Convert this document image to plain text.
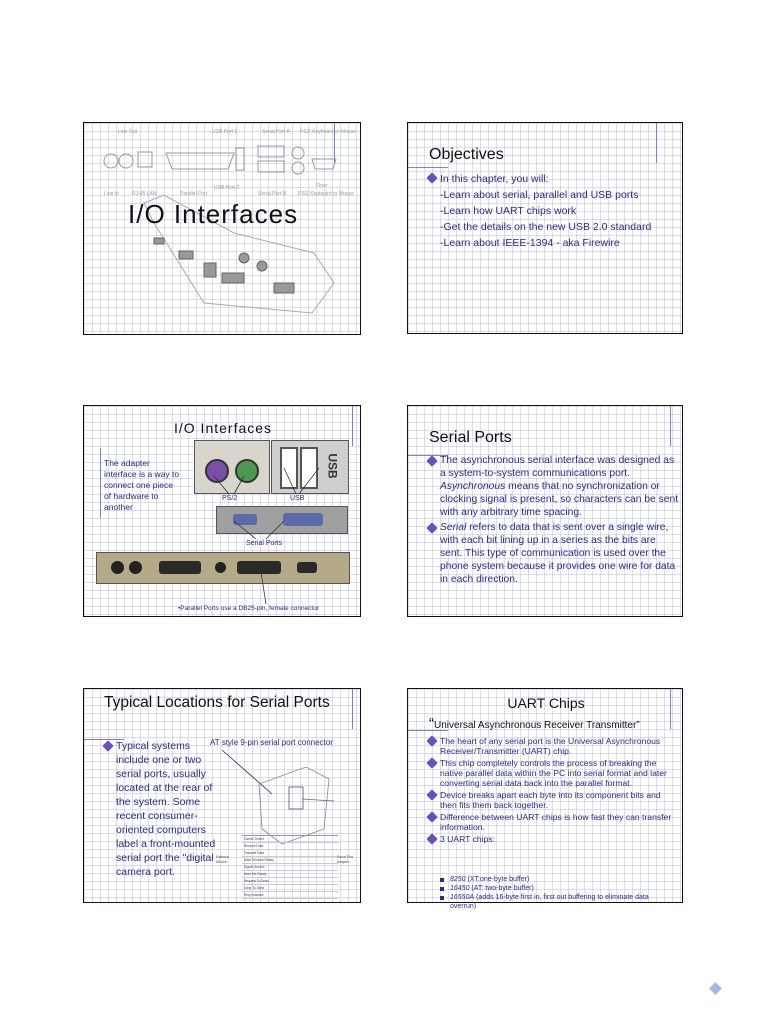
Line Out	USB Port 1	Serial Port A PS/2 Keyboard or Mouse
Line In	RJ-45 LAN	Parallel Port
USB Port 2
Serial Port B
Floor
PS/2 Keyboard or Mouse
I/O Interfaces
Objectives
In this chapter, you will:
-Learn about serial, parallel and USB ports
-Learn how UART chips work
-Get the details on the new USB 2.0 standard
-Learn about IEEE-1394 - aka Firewire
I/O Interfaces
The adapter interface is a way to connect one piece of hardware to another
USB
PS/2	USB
Serial Ports
•Parallel Ports use a DB25-pin, female connector
Serial Ports
The asynchronous serial interface was designed as a system-to-system communications port. Asynchronous means that no synchronization or clocking signal is present, so characters can be sent with any arbitrary time spacing.
Serial refers to data that is sent over a single wire, with each bit lining up in a series as the bits are sent. This type of communication is used over the phone system because it provides one wire for data in each direction.
Typical Locations for Serial Ports
Typical systems include one or two serial ports, usually located at the rear of the system. Some recent consumer-oriented computers label a front-mounted serial port the "digital camera port.
AT style 9-pin serial port connector
Carrier Detect
Receive Data
Transmit Data
Data Terminal Ready
Signal Ground
Data Set Ready
Request To Send
Clear To Send
Ring Indicator
External Device
Serial Port Adapter
UART Chips
“Universal Asynchronous Receiver Transmitter”
The heart of any serial port is the Universal Asynchronous Receiver/Transmitter (UART) chip.
This chip completely controls the process of breaking the native parallel data within the PC into serial format and later converting serial data back into the parallel format.
Device breaks apart each byte into its component bits and then fits them back together.
Difference between UART chips is how fast they can transfer information.
3 UART chips:
8250 (XT:one-byte buffer)
16450 (AT: two-byte buffer)
16550A (adds 16-byte first in, first out buffering to eliminate data overrun)
